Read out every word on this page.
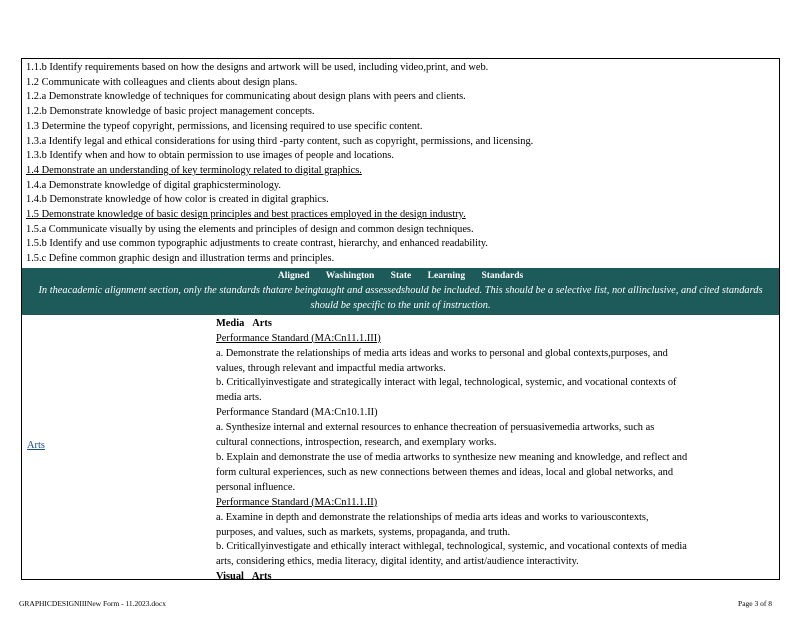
1.1.b Identify requirements based on how the designs and artwork will be used, including video,print, and web.
1.2 Communicate with colleagues and clients about design plans.
1.2.a Demonstrate knowledge of techniques for communicating about design plans with peers and clients.
1.2.b Demonstrate knowledge of basic project management concepts.
1.3 Determine the typeof copyright, permissions, and licensing required to use specific content.
1.3.a Identify legal and ethical considerations for using third -party content, such as copyright, permissions, and licensing.
1.3.b Identify when and how to obtain permission to use images of people and locations.
1.4 Demonstrate an understanding of key terminology related to digital graphics.
1.4.a Demonstrate knowledge of digital graphicsterminology.
1.4.b Demonstrate knowledge of how color is created in digital graphics.
1.5 Demonstrate knowledge of basic design principles and best practices employed in the design industry.
1.5.a Communicate visually by using the elements and principles of design and common design techniques.
1.5.b Identify and use common typographic adjustments to create contrast, hierarchy, and enhanced readability.
1.5.c Define common graphic design and illustration terms and principles.
Aligned Washington State Learning Standards
In theacademic alignment section, only the standards thatare beingtaught and assessedshould be included. This should be a selective list, not allinclusive, and cited standards should be specific to the unit of instruction.
Arts
Media Arts
Performance Standard (MA:Cn11.1.III)
a. Demonstrate the relationships of media arts ideas and works to personal and global contexts,purposes, and
values, through relevant and impactful media artworks.
b. Criticallyinvestigate and strategically interact with legal, technological, systemic, and vocational contexts of
media arts.
Performance Standard (MA:Cn10.1.II)
a. Synthesize internal and external resources to enhance thecreation of persuasivemedia artworks, such as
cultural connections, introspection, research, and exemplary works.
b. Explain and demonstrate the use of media artworks to synthesize new meaning and knowledge, and reflect and
form cultural experiences, such as new connections between themes and ideas, local and global networks, and
personal influence.
Performance Standard (MA:Cn11.1.II)
a. Examine in depth and demonstrate the relationships of media arts ideas and works to variouscontexts,
purposes, and values, such as markets, systems, propaganda, and truth.
b. Criticallyinvestigate and ethically interact withlegal, technological, systemic, and vocational contexts of media
arts, considering ethics, media literacy, digital identity, and artist/audience interactivity.
Visual Arts
GRAPHICDESIGNIIINew Form - 11.2023.docx	Page 3 of 8
